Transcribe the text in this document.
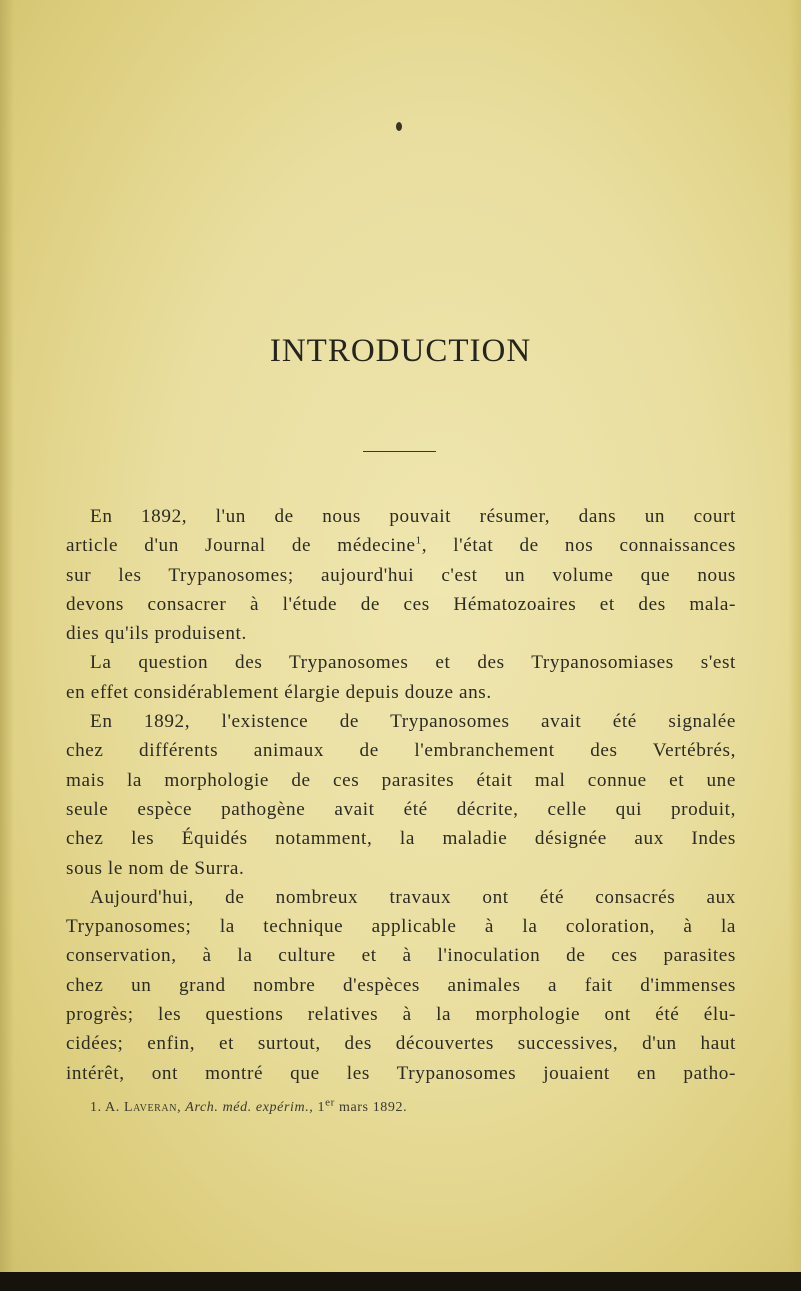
INTRODUCTION
En 1892, l'un de nous pouvait résumer, dans un court
article d'un Journal de médecine$^1$, l'état de nos connaissances
sur les Trypanosomes; aujourd'hui c'est un volume que nous
devons consacrer à l'étude de ces Hématozoaires et des mala-
dies qu'ils produisent.
La question des Trypanosomes et des Trypanosomiases s'est
en effet considérablement élargie depuis douze ans.
En 1892, l'existence de Trypanosomes avait été signalée
chez différents animaux de l'embranchement des Vertébrés,
mais la morphologie de ces parasites était mal connue et une
seule espèce pathogène avait été décrite, celle qui produit,
chez les Équidés notamment, la maladie désignée aux Indes
sous le nom de Surra.
Aujourd'hui, de nombreux travaux ont été consacrés aux
Trypanosomes; la technique applicable à la coloration, à la
conservation, à la culture et à l'inoculation de ces parasites
chez un grand nombre d'espèces animales a fait d'immenses
progrès; les questions relatives à la morphologie ont été élu-
cidées; enfin, et surtout, des découvertes successives, d'un haut
intérêt, ont montré que les Trypanosomes jouaient en patho-
1. A. Laveran, Arch. méd. expérim., 1er mars 1892.
